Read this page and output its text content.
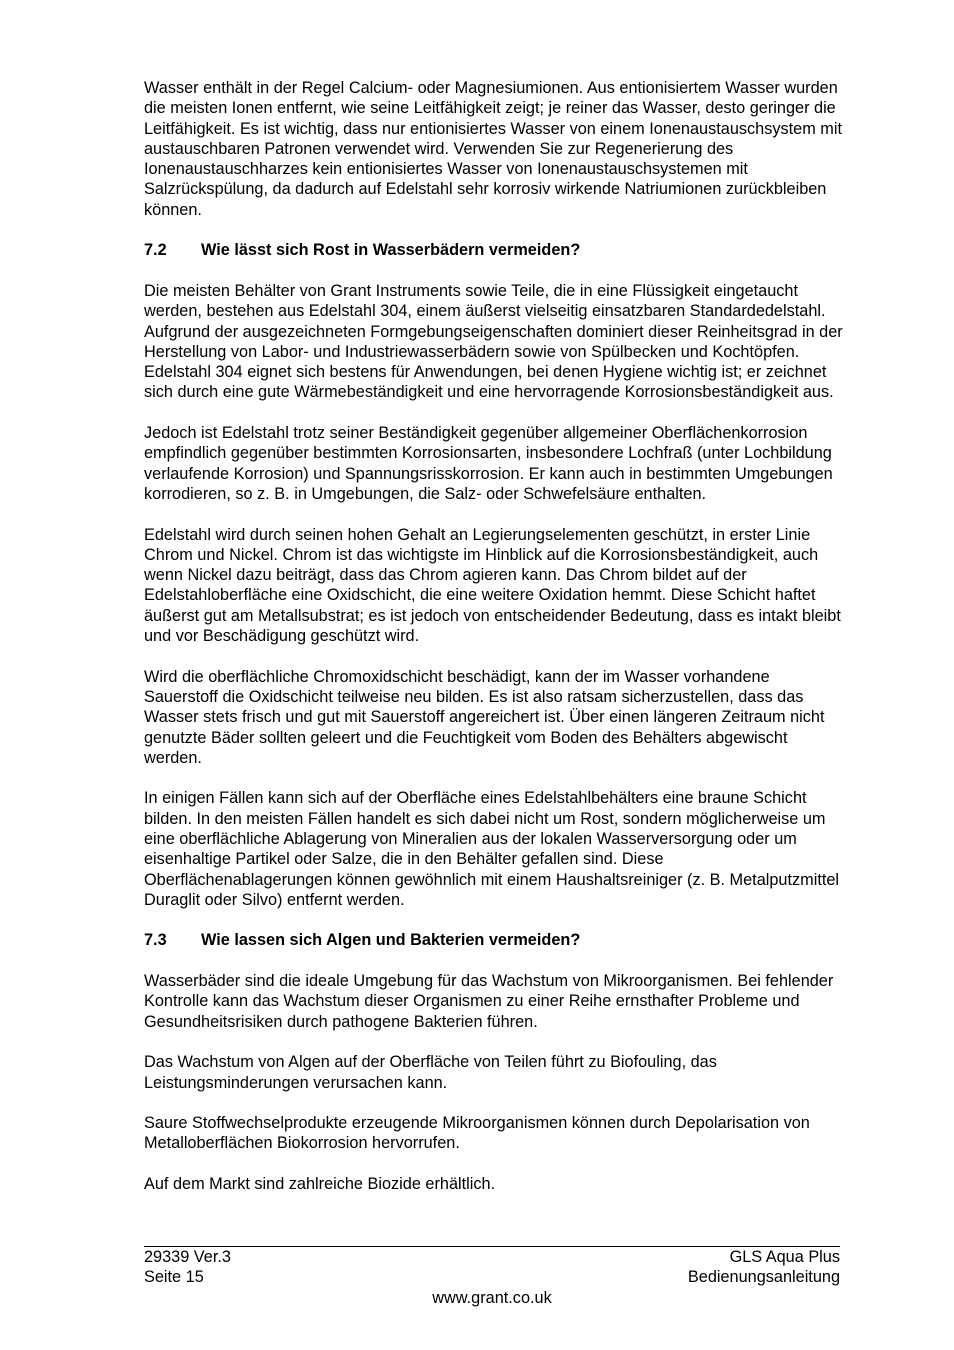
Wasser enthält in der Regel Calcium- oder Magnesiumionen. Aus entionisiertem Wasser wurden die meisten Ionen entfernt, wie seine Leitfähigkeit zeigt; je reiner das Wasser, desto geringer die Leitfähigkeit. Es ist wichtig, dass nur entionisiertes Wasser von einem Ionenaustauschsystem mit austauschbaren Patronen verwendet wird. Verwenden Sie zur Regenerierung des Ionenaustauschharzes kein entionisiertes Wasser von Ionenaustauschsystemen mit Salzrückspülung, da dadurch auf Edelstahl sehr korrosiv wirkende Natriumionen zurückbleiben können.

7.2	Wie lässt sich Rost in Wasserbädern vermeiden?

Die meisten Behälter von Grant Instruments sowie Teile, die in eine Flüssigkeit eingetaucht werden, bestehen aus Edelstahl 304, einem äußerst vielseitig einsatzbaren Standardedelstahl. Aufgrund der ausgezeichneten Formgebungseigenschaften dominiert dieser Reinheitsgrad in der Herstellung von Labor- und Industriewasserbädern sowie von Spülbecken und Kochtöpfen. Edelstahl 304 eignet sich bestens für Anwendungen, bei denen Hygiene wichtig ist; er zeichnet sich durch eine gute Wärmebeständigkeit und eine hervorragende Korrosionsbeständigkeit aus.

Jedoch ist Edelstahl trotz seiner Beständigkeit gegenüber allgemeiner Oberflächenkorrosion empfindlich gegenüber bestimmten Korrosionsarten, insbesondere Lochfraß (unter Lochbildung verlaufende Korrosion) und Spannungsrisskorrosion. Er kann auch in bestimmten Umgebungen korrodieren, so z. B. in Umgebungen, die Salz- oder Schwefelsäure enthalten.

Edelstahl wird durch seinen hohen Gehalt an Legierungselementen geschützt, in erster Linie Chrom und Nickel. Chrom ist das wichtigste im Hinblick auf die Korrosionsbeständigkeit, auch wenn Nickel dazu beiträgt, dass das Chrom agieren kann. Das Chrom bildet auf der Edelstahloberfläche eine Oxidschicht, die eine weitere Oxidation hemmt. Diese Schicht haftet äußerst gut am Metallsubstrat; es ist jedoch von entscheidender Bedeutung, dass es intakt bleibt und vor Beschädigung geschützt wird.

Wird die oberflächliche Chromoxidschicht beschädigt, kann der im Wasser vorhandene Sauerstoff die Oxidschicht teilweise neu bilden. Es ist also ratsam sicherzustellen, dass das Wasser stets frisch und gut mit Sauerstoff angereichert ist. Über einen längeren Zeitraum nicht genutzte Bäder sollten geleert und die Feuchtigkeit vom Boden des Behälters abgewischt werden.

In einigen Fällen kann sich auf der Oberfläche eines Edelstahlbehälters eine braune Schicht bilden. In den meisten Fällen handelt es sich dabei nicht um Rost, sondern möglicherweise um eine oberflächliche Ablagerung von Mineralien aus der lokalen Wasserversorgung oder um eisenhaltige Partikel oder Salze, die in den Behälter gefallen sind. Diese Oberflächenablagerungen können gewöhnlich mit einem Haushaltsreiniger (z. B. Metalputzmittel Duraglit oder Silvo) entfernt werden.

7.3	Wie lassen sich Algen und Bakterien vermeiden?

Wasserbäder sind die ideale Umgebung für das Wachstum von Mikroorganismen. Bei fehlender Kontrolle kann das Wachstum dieser Organismen zu einer Reihe ernsthafter Probleme und Gesundheitsrisiken durch pathogene Bakterien führen.

Das Wachstum von Algen auf der Oberfläche von Teilen führt zu Biofouling, das Leistungsminderungen verursachen kann.

Saure Stoffwechselprodukte erzeugende Mikroorganismen können durch Depolarisation von Metalloberflächen Biokorrosion hervorrufen.

Auf dem Markt sind zahlreiche Biozide erhältlich.

29339 Ver.3	GLS Aqua Plus
Seite 15	Bedienungsanleitung
www.grant.co.uk
